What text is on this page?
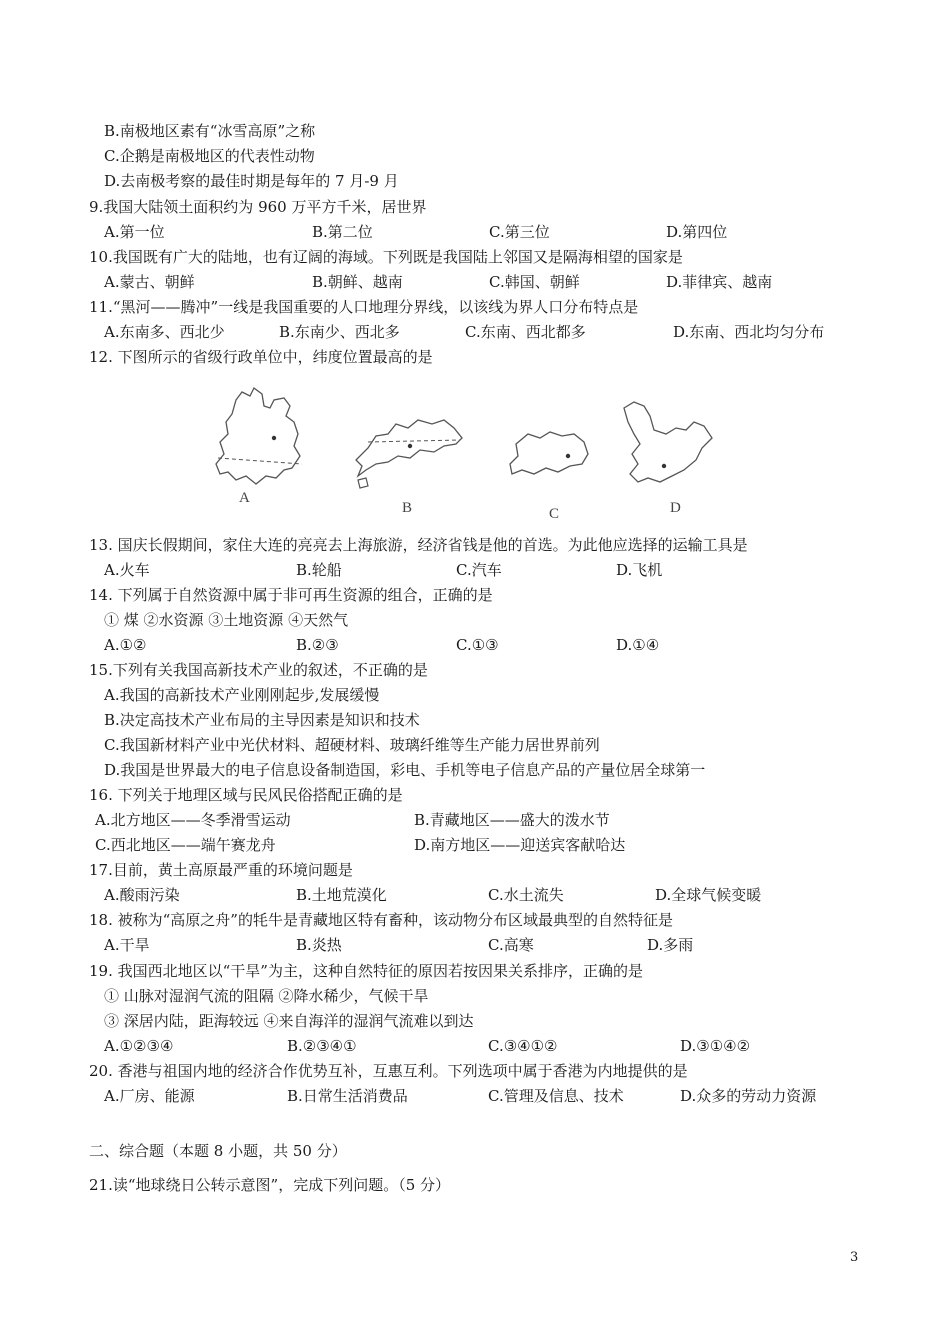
B.南极地区素有“冰雪高原”之称
C.企鹅是南极地区的代表性动物
D.去南极考察的最佳时期是每年的 7 月-9 月
9.我国大陆领土面积约为 960 万平方千米，居世界
A.第一位	B.第二位	C.第三位	D.第四位
10.我国既有广大的陆地，也有辽阔的海域。下列既是我国陆上邻国又是隔海相望的国家是
A.蒙古、朝鲜	B.朝鲜、越南	C.韩国、朝鲜	D.菲律宾、越南
11.“黑河——腾冲”一线是我国重要的人口地理分界线，以该线为界人口分布特点是
A.东南多、西北少	B.东南少、西北多	C.东南、西北都多	D.东南、西北均匀分布
12. 下图所示的省级行政单位中，纬度位置最高的是
A
B	C	D
13. 国庆长假期间，家住大连的亮亮去上海旅游，经济省钱是他的首选。为此他应选择的运输工具是
A.火车	B.轮船	C.汽车	D.飞机
14. 下列属于自然资源中属于非可再生资源的组合，正确的是
① 煤 ②水资源 ③土地资源 ④天然气
A.①②	B.②③	C.①③	D.①④
15.下列有关我国高新技术产业的叙述，不正确的是
A.我国的高新技术产业刚刚起步,发展缓慢
B.决定高技术产业布局的主导因素是知识和技术
C.我国新材料产业中光伏材料、超硬材料、玻璃纤维等生产能力居世界前列
D.我国是世界最大的电子信息设备制造国，彩电、手机等电子信息产品的产量位居全球第一
16. 下列关于地理区域与民风民俗搭配正确的是
A.北方地区——冬季滑雪运动	B.青藏地区——盛大的泼水节
C.西北地区——端午赛龙舟	D.南方地区——迎送宾客献哈达
17.目前，黄土高原最严重的环境问题是
A.酸雨污染	B.土地荒漠化	C.水土流失	D.全球气候变暖
18. 被称为“高原之舟”的牦牛是青藏地区特有畜种，该动物分布区域最典型的自然特征是
A.干旱	B.炎热	C.高寒	D.多雨
19. 我国西北地区以“干旱”为主，这种自然特征的原因若按因果关系排序，正确的是
① 山脉对湿润气流的阻隔 ②降水稀少，气候干旱
③ 深居内陆，距海较远 ④来自海洋的湿润气流难以到达
A.①②③④	B.②③④①	C.③④①②	D.③①④②
20. 香港与祖国内地的经济合作优势互补，互惠互利。下列选项中属于香港为内地提供的是
A.厂房、能源	B.日常生活消费品	C.管理及信息、技术	D.众多的劳动力资源
二、综合题（本题 8 小题，共 50 分）
21.读“地球绕日公转示意图”，完成下列问题。（5 分）
3
